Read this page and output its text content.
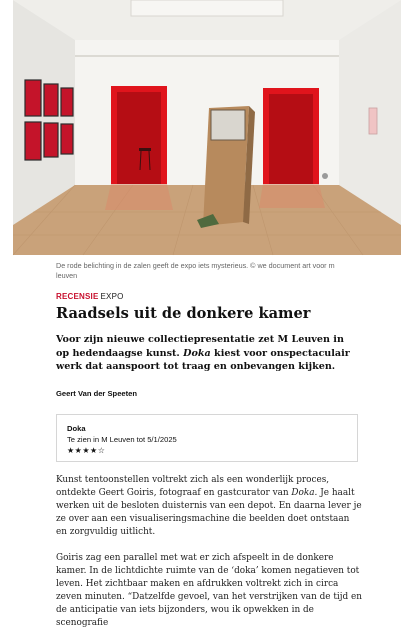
De rode belichting in de zalen geeft de expo iets mysterieus. © we document art voor m leuven
RECENSIE EXPO
Raadsels uit de donkere kamer

Voor zijn nieuwe collectiepresentatie zet M Leuven in op hedendaagse kunst. Doka kiest voor onspectaculair werk dat aanspoort tot traag en onbevangen kijken.

Geert Van der Speeten
Doka
Te zien in M Leuven tot 5/1/2025
★★★★☆

Kunst tentoonstellen voltrekt zich als een wonderlijk proces, ontdekte Geert Goiris, fotograaf en gastcurator van Doka. Je haalt werken uit de besloten duisternis van een depot. En daarna lever je ze over aan een visualiseringsmachine die beelden doet ontstaan en zorgvuldig uitlicht.

Goiris zag een parallel met wat er zich afspeelt in de donkere kamer. In de lichtdichte ruimte van de ‘doka’ komen negatieven tot leven. Het zichtbaar maken en afdrukken voltrekt zich in circa zeven minuten. “Datzelfde gevoel, van het verstrijken van de tijd en de anticipatie van iets bijzonders, wou ik opwekken in de scenografie
